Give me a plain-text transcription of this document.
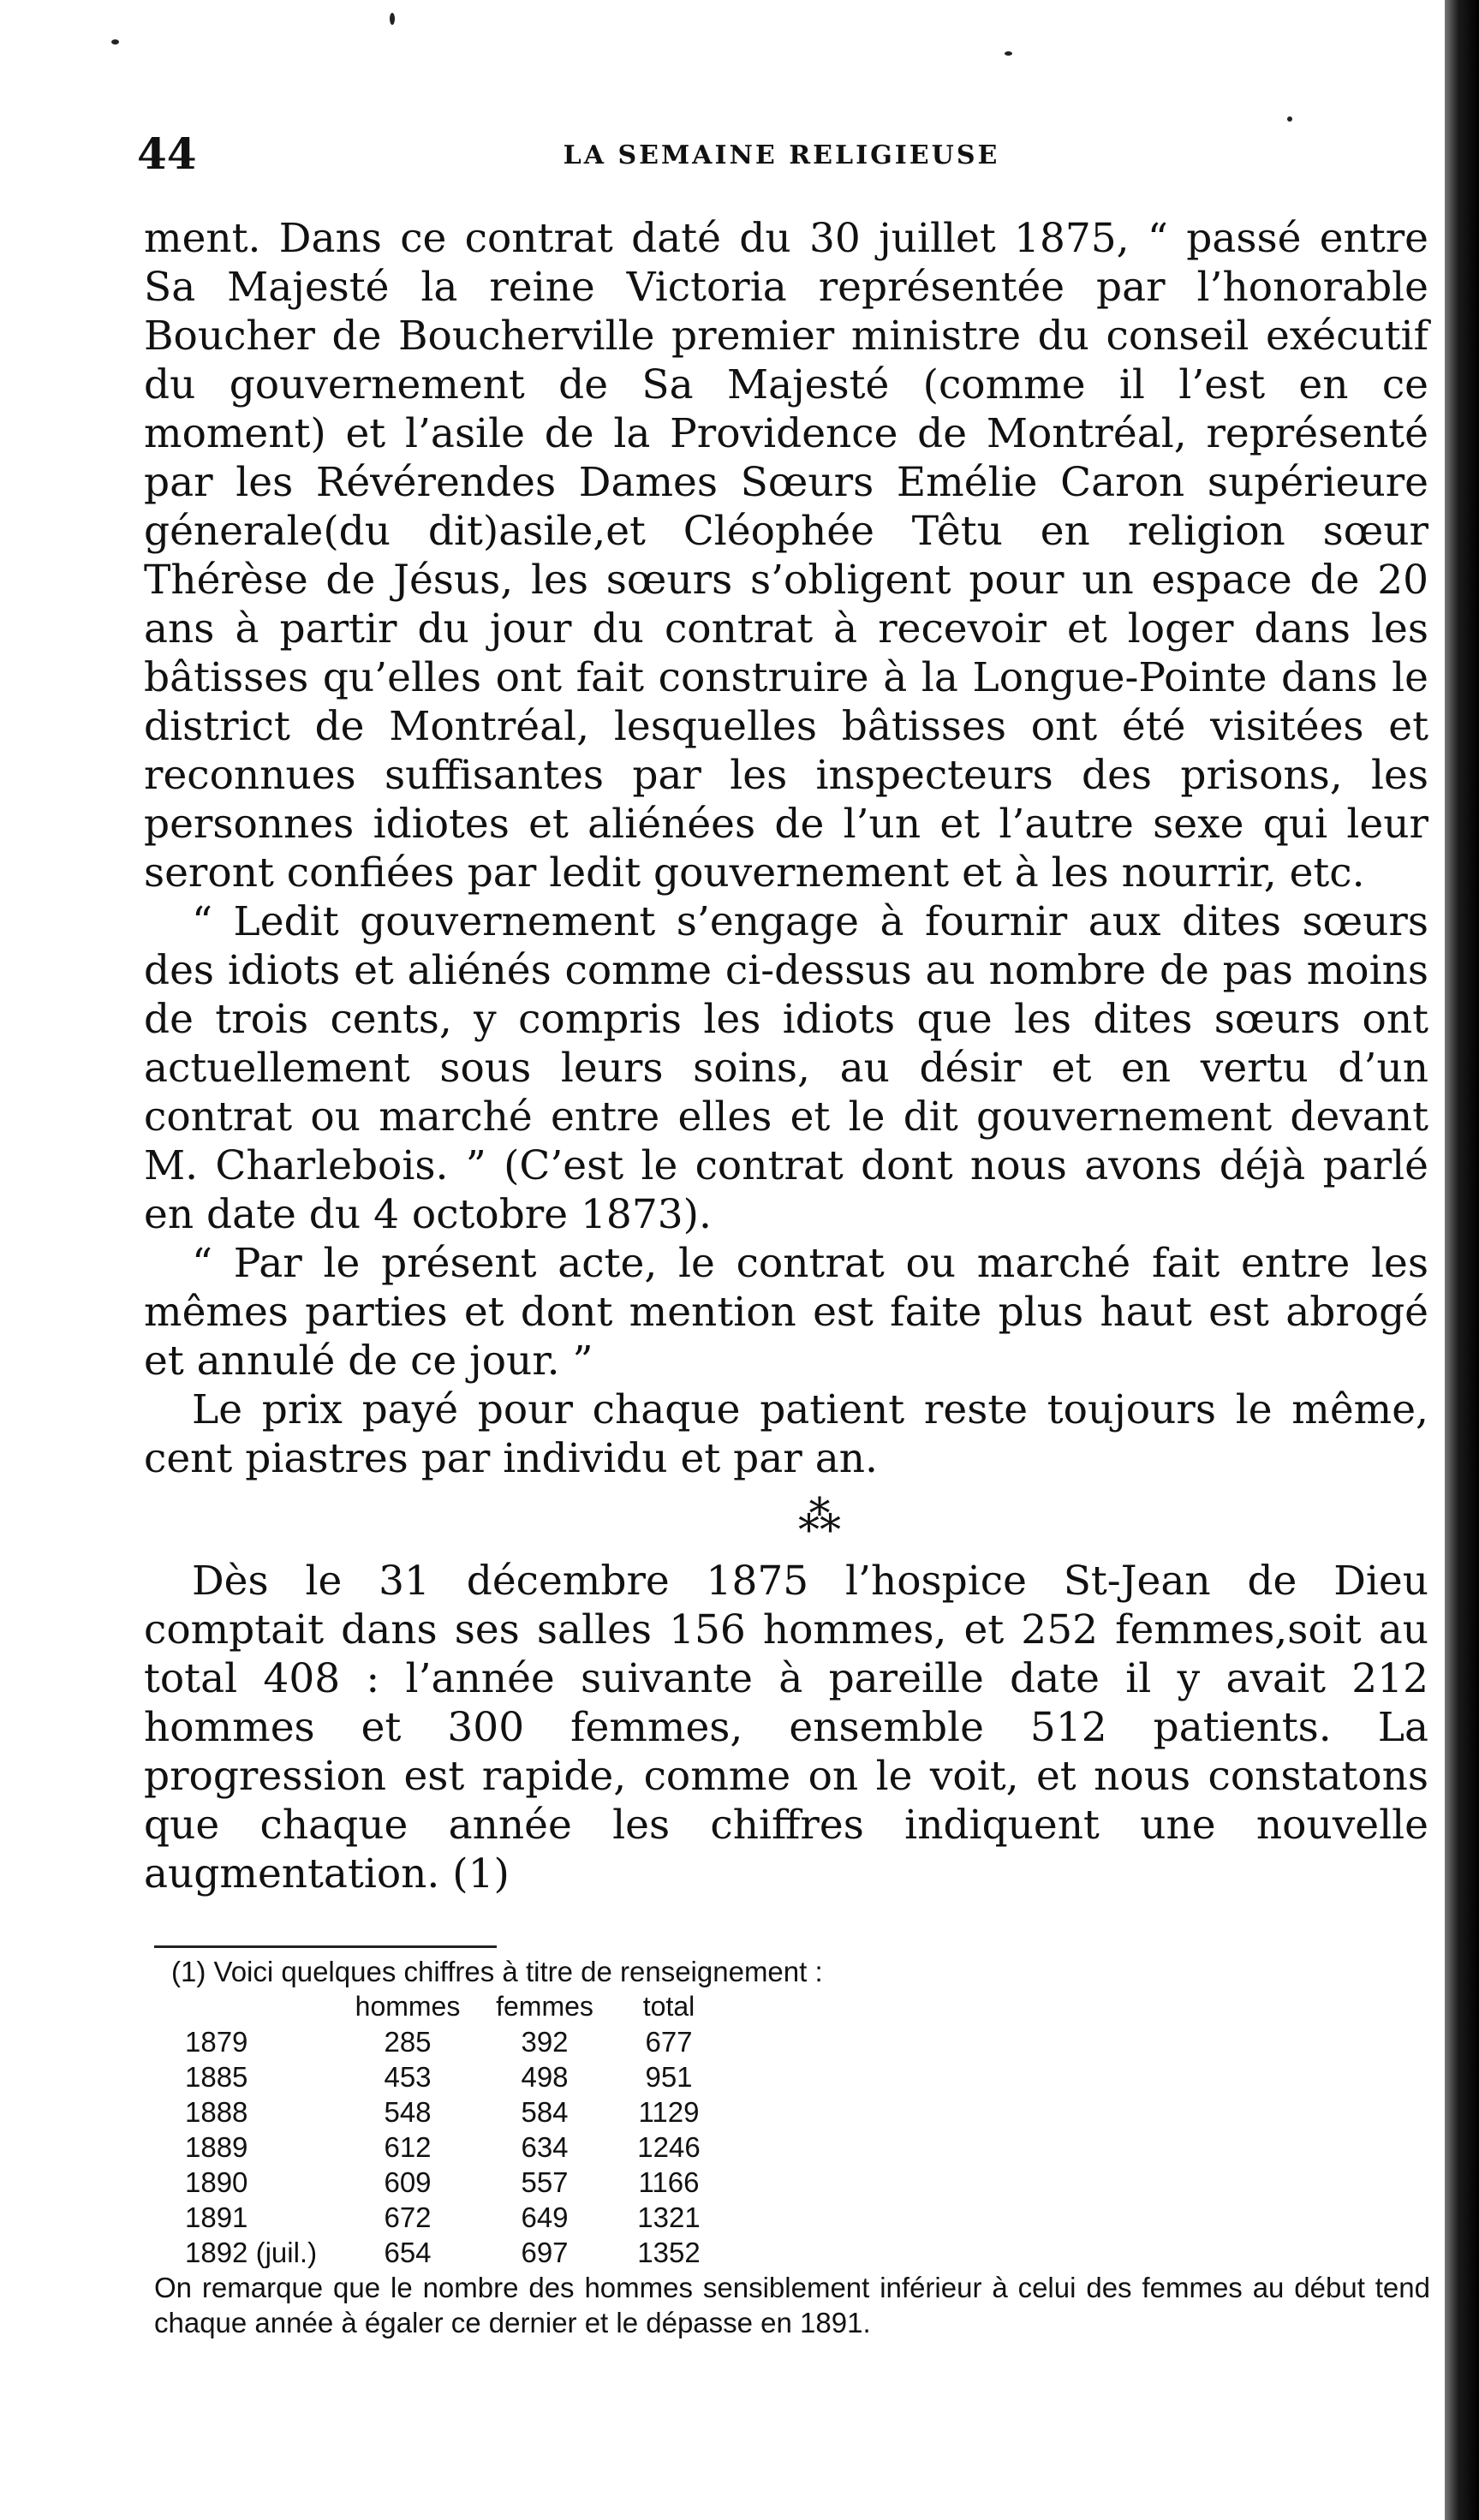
44	LA SEMAINE RELIGIEUSE

ment. Dans ce contrat daté du 30 juillet 1875, “ passé entre Sa Majesté la reine Victoria représentée par l’honorable Boucher de Boucherville premier ministre du conseil exécutif du gouvernement de Sa Majesté (comme il l’est en ce moment) et l’asile de la Providence de Montréal, représenté par les Révérendes Dames Sœurs Emélie Caron supérieure génerale(du dit)asile,et Cléophée Têtu en religion sœur Thérèse de Jésus, les sœurs s’obligent pour un espace de 20 ans à partir du jour du contrat à recevoir et loger dans les bâtisses qu’elles ont fait construire à la Longue-Pointe dans le district de Montréal, lesquelles bâtisses ont été visitées et reconnues suffisantes par les inspecteurs des prisons, les personnes idiotes et aliénées de l’un et l’autre sexe qui leur seront confiées par ledit gouvernement et à les nourrir, etc.

“ Ledit gouvernement s’engage à fournir aux dites sœurs des idiots et aliénés comme ci-dessus au nombre de pas moins de trois cents, y compris les idiots que les dites sœurs ont actuellement sous leurs soins, au désir et en vertu d’un contrat ou marché entre elles et le dit gouvernement devant M. Charlebois. ” (C’est le contrat dont nous avons déjà parlé en date du 4 octobre 1873).

“ Par le présent acte, le contrat ou marché fait entre les mêmes parties et dont mention est faite plus haut est abrogé et annulé de ce jour. ”

Le prix payé pour chaque patient reste toujours le même, cent piastres par individu et par an.

⁂

Dès le 31 décembre 1875 l’hospice St-Jean de Dieu comptait dans ses salles 156 hommes, et 252 femmes,soit au total 408 : l’année suivante à pareille date il y avait 212 hommes et 300 femmes, ensemble 512 patients. La progression est rapide, comme on le voit, et nous constatons que chaque année les chiffres indiquent une nouvelle augmentation. (1)

(1) Voici quelques chiffres à titre de renseignement :

	hommes	femmes	total
1879	285	392	677
1885	453	498	951
1888	548	584	1129
1889	612	634	1246
1890	609	557	1166
1891	672	649	1321
1892 (juil.)	654	697	1352

On remarque que le nombre des hommes sensiblement inférieur à celui des femmes au début tend chaque année à égaler ce dernier et le dépasse en 1891.
